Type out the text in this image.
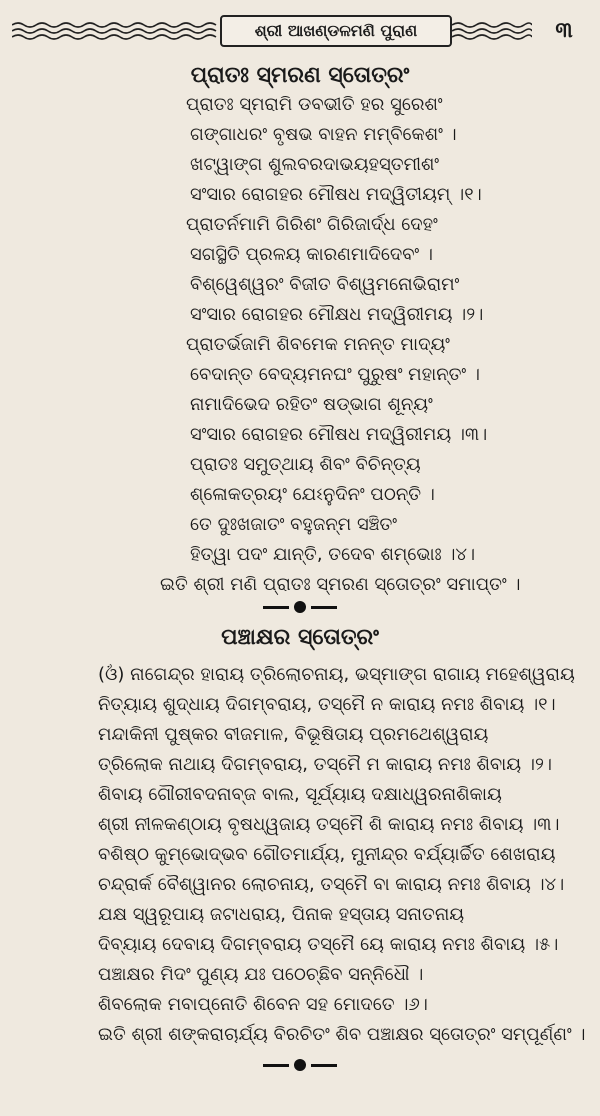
ଶ୍ରୀ ଆଖଣ୍ଡଳମଣି ପୁରାଣ	୩
ପ୍ରାତଃ ସ୍ମରଣ ସ୍ତୋତ୍ରଂ
ପ୍ରାତଃ ସ୍ମରାମି ଡବଭୀତି ହର ସୁରେଶଂ
ଗଙ୍ଗାଧରଂ ବୃଷଭ ବାହନ ମମ୍ବିକେଶଂ ।
ଖଟ୍ୱାଙ୍ଗ ଶୁଲବରଦାଭୟହସ୍ତମୀଶଂ
ସଂସାର ରୋଗହର ମୌଷଧ ମଦ୍ୱିତୀୟମ୍ ।୧।
ପ୍ରାତର୍ନମାମି ଗିରିଶଂ ଗିରିଜାର୍ଦ୍ଧ ଦେହଂ
ସଗସ୍ଥିତି ପ୍ରଳୟ କାରଣମାଦିଦେବଂ ।
ବିଶ୍ୱେଶ୍ୱରଂ ବିଜୀତ ବିଶ୍ୱମନୋଭିରାମଂ
ସଂସାର ରୋଗହର ମୌକ୍ଷଧ ମଦ୍ୱିରୀମୟ ।୨।
ପ୍ରାତର୍ଭଜାମି ଶିବମେକ ମନନ୍ତ ମାଦ୍ୟଂ
ବେଦାନ୍ତ ବେଦ୍ୟମନଘଂ ପୁରୁଷଂ ମହାନ୍ତଂ ।
ନାମାଦିଭେଦ ରହିତଂ ଷଡ୍‌ଭାଗ ଶୂନ୍ୟଂ
ସଂସାର ରୋଗହର ମୌଷଧ ମଦ୍ୱିରୀମୟ ।୩।
ପ୍ରାତଃ ସମୁତ୍‌ଥାୟ ଶିବଂ ବିଚିନ୍ତ୍ୟ
ଶ୍ଳୋକତ୍ରୟଂ ଯେଽନୁଦିନଂ ପଠନ୍ତି ।
ତେ ଦୁଃଖଜାତଂ ବହୁଜନ୍ମ ସଞ୍ଚିତଂ
ହିତ୍ୱା ପଦଂ ଯାନ୍ତି, ତଦେବ ଶମ୍ଭୋଃ ।୪।
ଇତି ଶ୍ରୀ ମଣି ପ୍ରାତଃ ସ୍ମରଣ ସ୍ତୋତ୍ରଂ ସମାପ୍ତଂ ।
ପଞ୍ଚାକ୍ଷର ସ୍ତୋତ୍ରଂ
(ଓଁ) ନାଗେନ୍ଦ୍ର ହାରାୟ ତ୍ରିଲୋଚନାୟ, ଭସ୍ମାଙ୍ଗ ରାଗାୟ ମହେଶ୍ୱରାୟ
ନିତ୍ୟାୟ ଶୁଦ୍ଧାୟ ଦିଗମ୍ବରାୟ, ତସ୍ମୈ ନ କାରାୟ ନମଃ ଶିବାୟ ।୧।
ମନ୍ଦାକିନୀ ପୁଷ୍କର ବୀଜମାଳ, ବିଭୂଷିତାୟ ପ୍ରମଥେଶ୍ୱରାୟ
ତ୍ରିଲୋକ ନାଥାୟ ଦିଗମ୍ବରାୟ, ତସ୍ମୈ ମ କାରାୟ ନମଃ ଶିବାୟ ।୨।
ଶିବାୟ ଗୌରୀବଦନାବ୍ଜ ବାଲ, ସୂର୍ଯ୍ୟାୟ ଦକ୍ଷାଧ୍ୱରନାଶିକାୟ
ଶ୍ରୀ ନୀଳକଣ୍ଠାୟ ବୃଷଧ୍ୱଜାୟ ତସ୍ମୈ ଶି କାରାୟ ନମଃ ଶିବାୟ ।୩।
ବଶିଷ୍ଠ କୁମ୍ଭୋଦ୍ଭବ ଗୌତମାର୍ଯ୍ୟ, ମୁନୀନ୍ଦ୍ର ବର୍ଯ୍ୟାର୍ଚ୍ଚିତ ଶେଖରାୟ
ଚନ୍ଦ୍ରାର୍କ ବୈଶ୍ୱାନର ଲୋଚନାୟ, ତସ୍ମୈ ବା କାରାୟ ନମଃ ଶିବାୟ ।୪।
ଯକ୍ଷ ସ୍ୱରୂପାୟ ଜଟାଧରାୟ, ପିନାକ ହସ୍ତାୟ ସନାତନାୟ
ଦିବ୍ୟାୟ ଦେବାୟ ଦିଗମ୍ବରାୟ ତସ୍ମୈ ୟେ କାରାୟ ନମଃ ଶିବାୟ ।୫।
ପଞ୍ଚାକ୍ଷର ମିଦଂ ପୁଣ୍ୟ ଯଃ ପଠେଚ୍ଛିବ ସନ୍ନିଧୌ ।
ଶିବଲୋକ ମବାପ୍ନୋତି ଶିବେନ ସହ ମୋଦତେ ।୬।
ଇତି ଶ୍ରୀ ଶଙ୍କରାଚାର୍ଯ୍ୟ ବିରଚିତଂ ଶିବ ପଞ୍ଚାକ୍ଷର ସ୍ତୋତ୍ରଂ ସମ୍ପୂର୍ଣ୍ଣଂ ।
